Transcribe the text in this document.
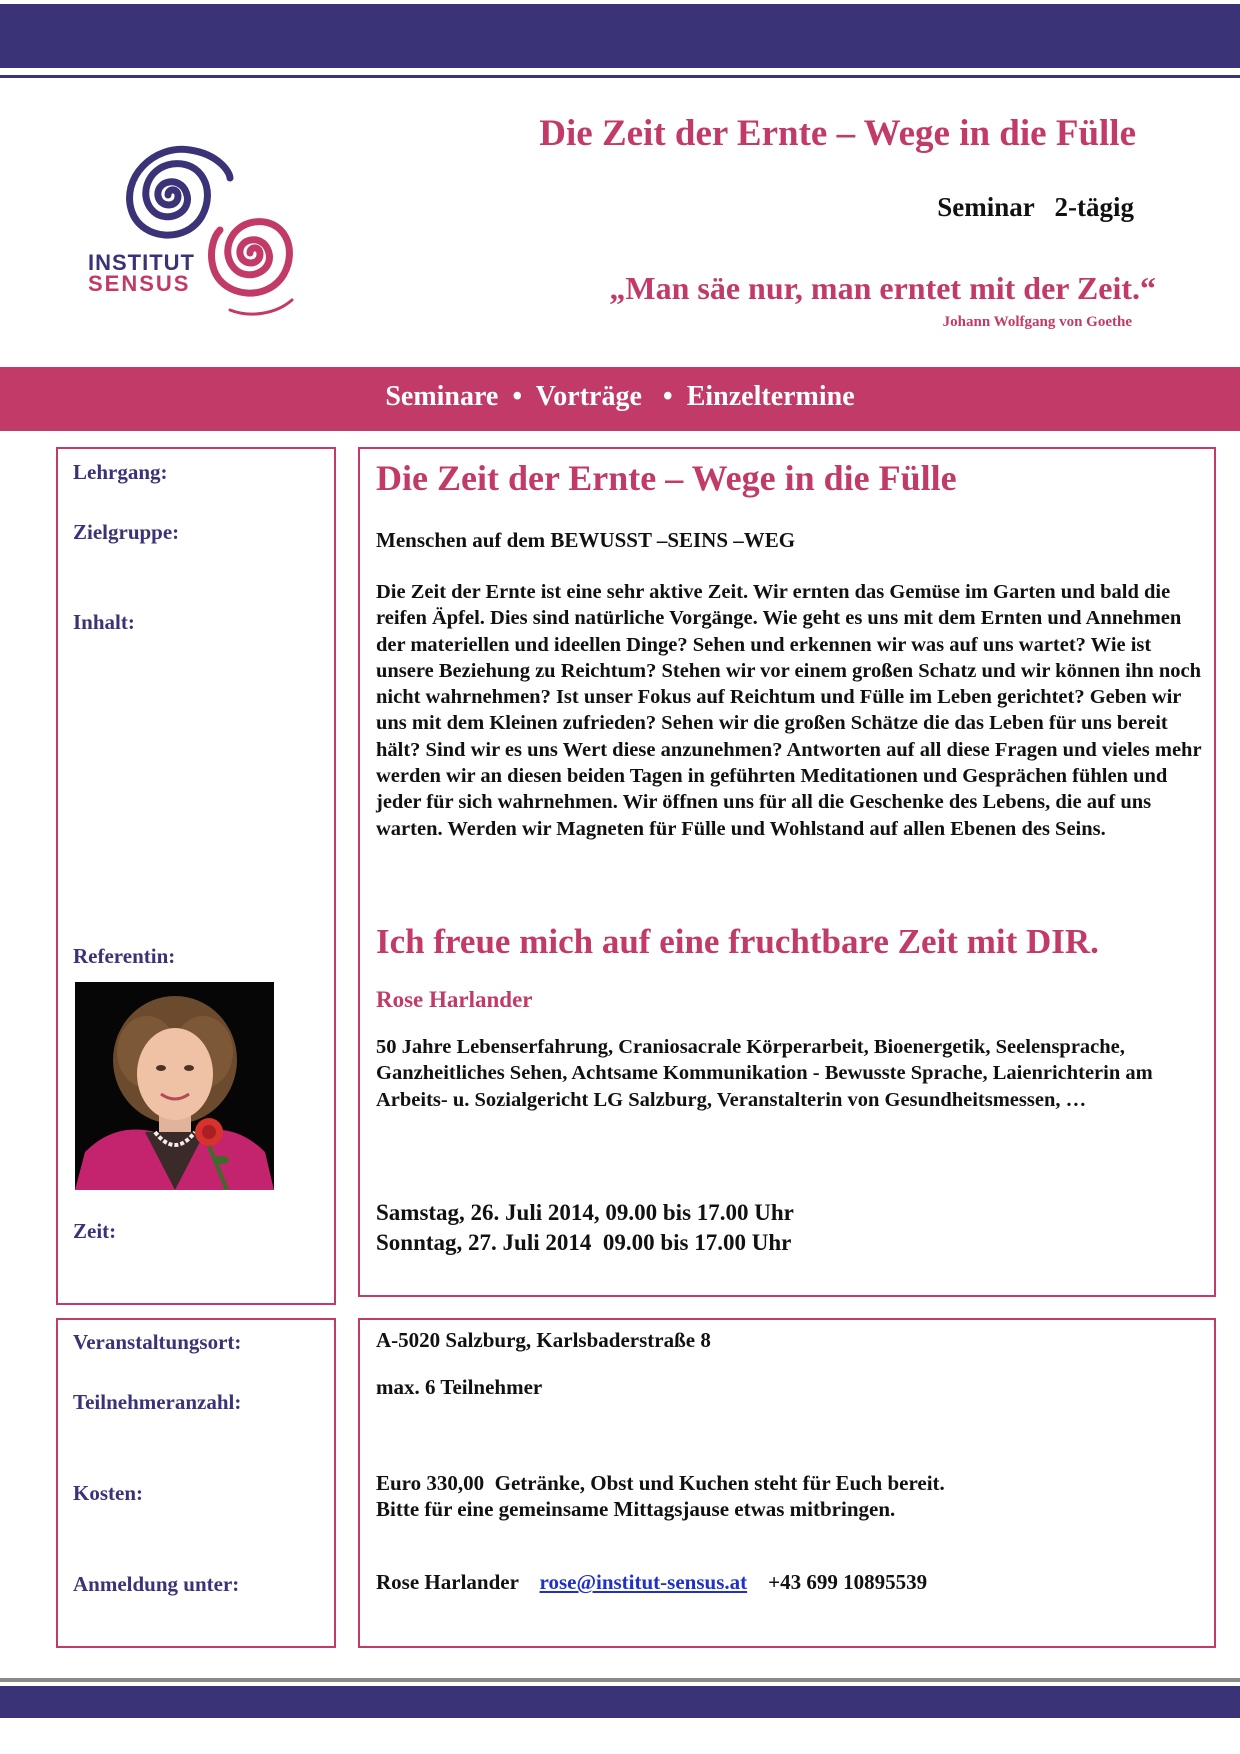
INSTITUT
SENSUS
Die Zeit der Ernte – Wege in die Fülle
Seminar   2-tägig
„Man säe nur, man erntet mit der Zeit.“
Johann Wolfgang von Goethe
Seminare  •  Vorträge   •  Einzeltermine
Lehrgang:
Zielgruppe:
Inhalt:
Referentin:
Zeit:
Veranstaltungsort:
Teilnehmeranzahl:
Kosten:
Anmeldung unter:
Die Zeit der Ernte – Wege in die Fülle
Menschen auf dem BEWUSST –SEINS –WEG
Die Zeit der Ernte ist eine sehr aktive Zeit. Wir ernten das Gemüse im Garten und bald die reifen Äpfel. Dies sind natürliche Vorgänge. Wie geht es uns mit dem Ernten und Annehmen der materiellen und ideellen Dinge? Sehen und erkennen wir was auf uns wartet? Wie ist unsere Beziehung zu Reichtum? Stehen wir vor einem großen Schatz und wir können ihn noch nicht wahrnehmen? Ist unser Fokus auf Reichtum und Fülle im Leben gerichtet? Geben wir uns mit dem Kleinen zufrieden? Sehen wir die großen Schätze die das Leben für uns bereit hält? Sind wir es uns Wert diese anzunehmen? Antworten auf all diese Fragen und vieles mehr werden wir an diesen beiden Tagen in geführten Meditationen und Gesprächen fühlen und jeder für sich wahrnehmen. Wir öffnen uns für all die Geschenke des Lebens, die auf uns warten. Werden wir Magneten für Fülle und Wohlstand auf allen Ebenen des Seins.
Ich freue mich auf eine fruchtbare Zeit mit DIR.
Rose Harlander
50 Jahre Lebenserfahrung, Craniosacrale Körperarbeit, Bioenergetik, Seelensprache, Ganzheitliches Sehen, Achtsame Kommunikation - Bewusste Sprache, Laienrichterin am Arbeits- u. Sozialgericht LG Salzburg, Veranstalterin von Gesundheitsmessen, …
Samstag, 26. Juli 2014, 09.00 bis 17.00 Uhr
Sonntag, 27. Juli 2014  09.00 bis 17.00 Uhr
A-5020 Salzburg, Karlsbaderstraße 8
max. 6 Teilnehmer
Euro 330,00  Getränke, Obst und Kuchen steht für Euch bereit.
Bitte für eine gemeinsame Mittagsjause etwas mitbringen.
Rose Harlander rose@institut-sensus.at +43 699 10895539
